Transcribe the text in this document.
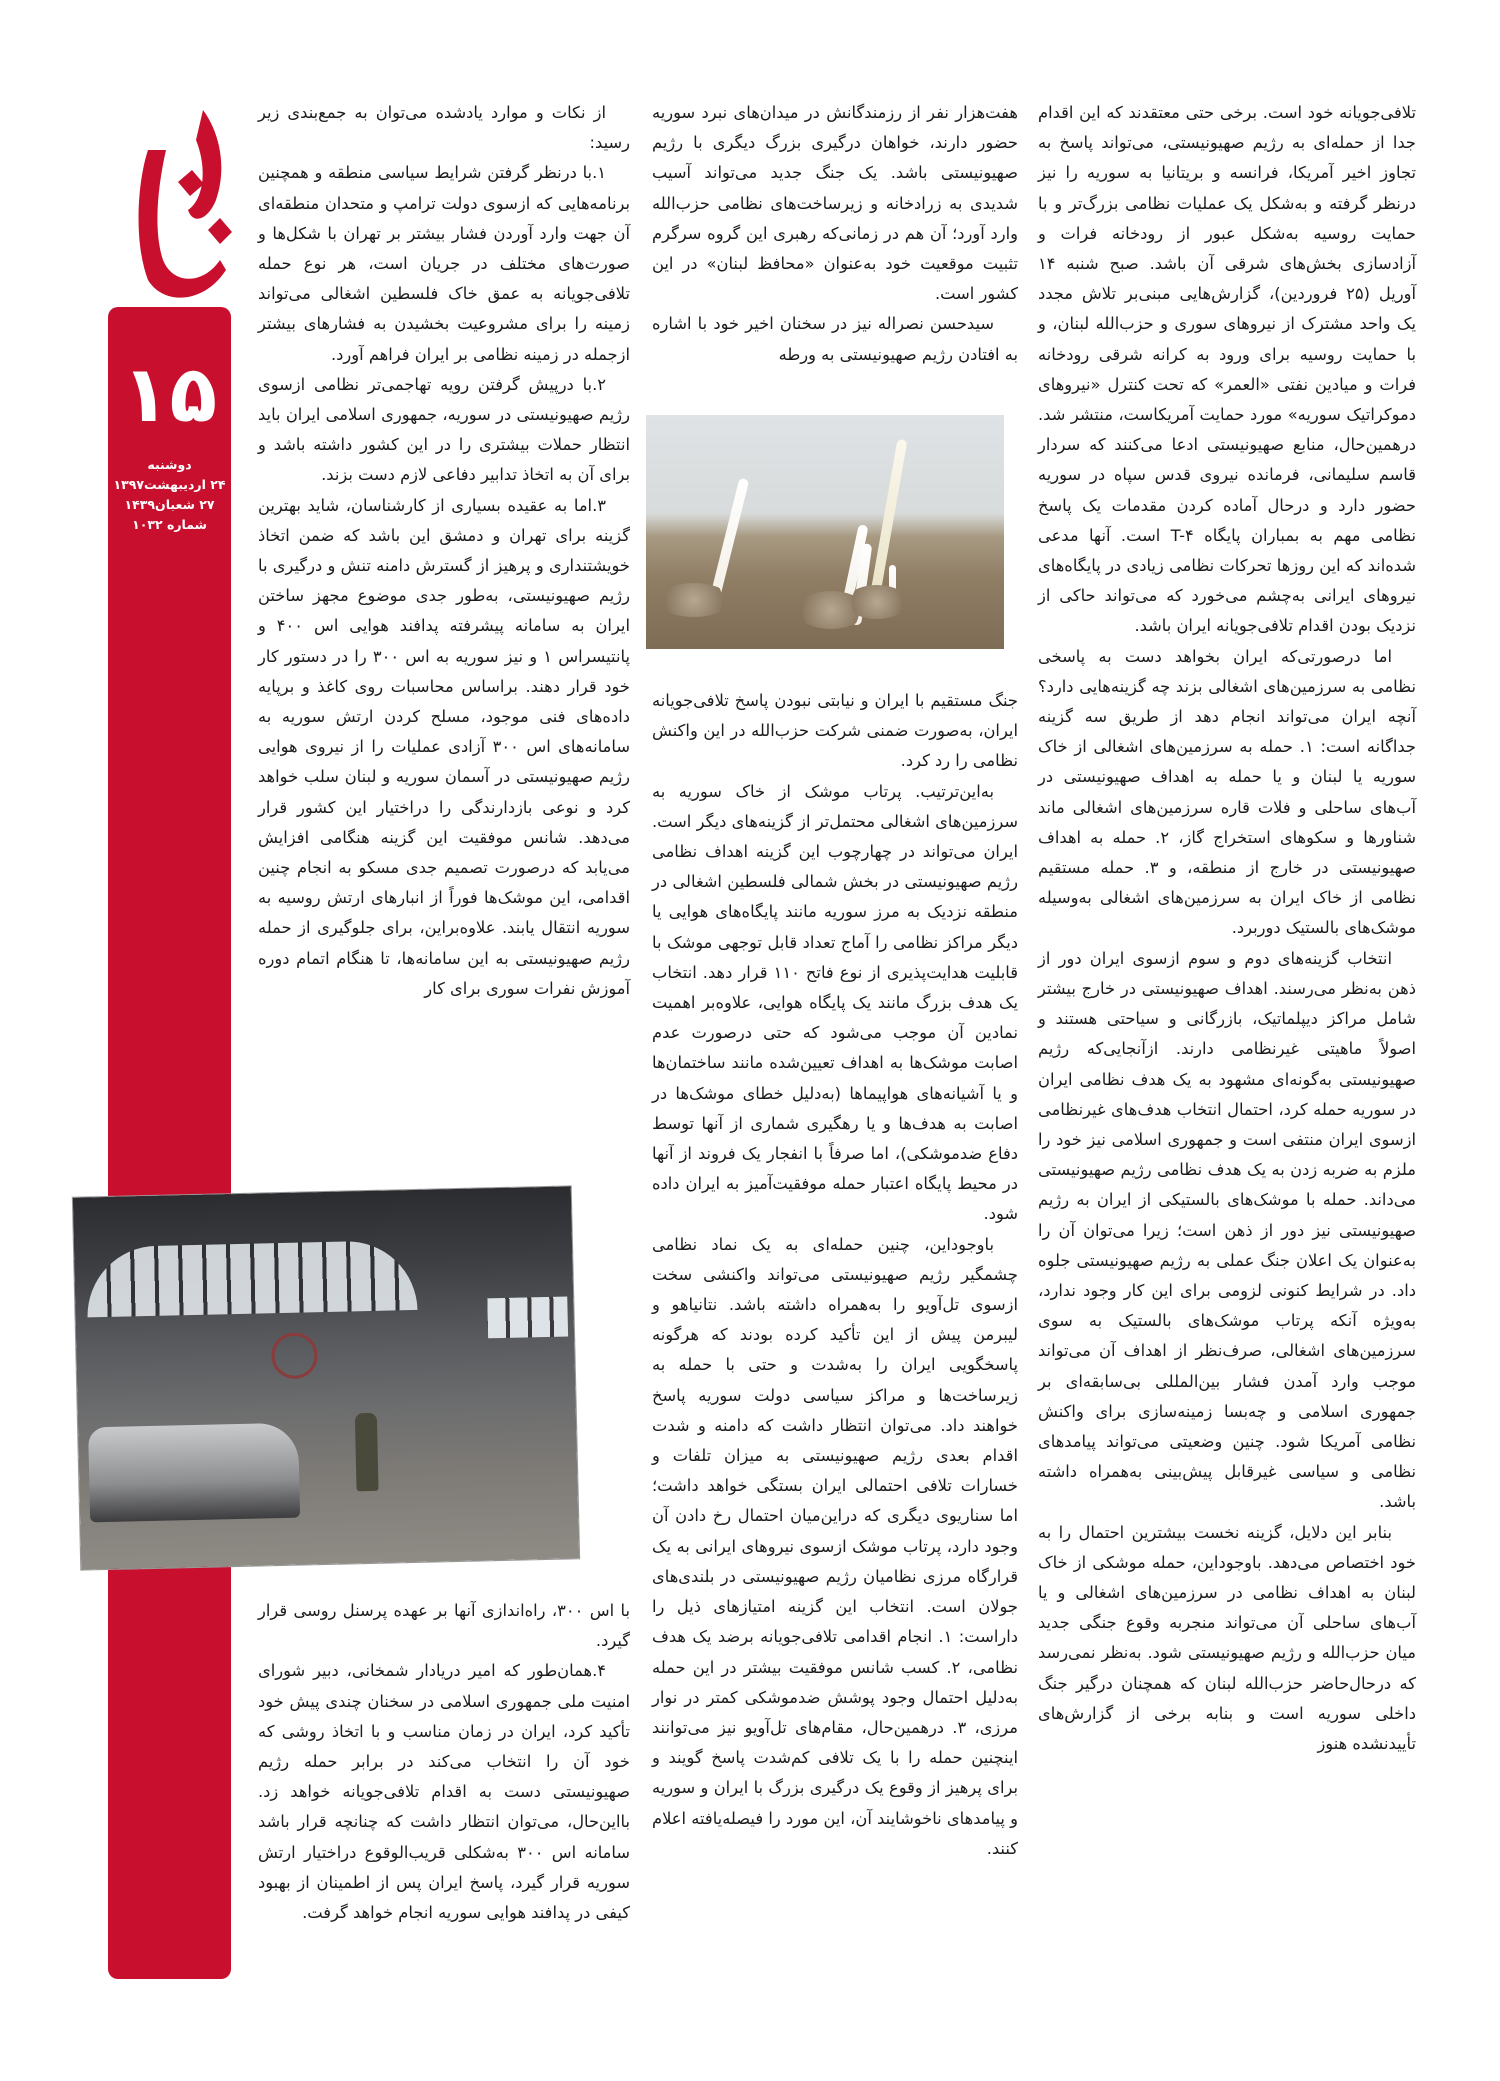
۱۵
دوشنبه
۲۴ اردیبهشت۱۳۹۷
۲۷ شعبان۱۴۳۹
شماره ۱۰۳۲

تلافی‌جویانه خود است. برخی حتی معتقدند که این اقدام جدا از حمله‌ای به رژیم صهیونیستی، می‌تواند پاسخ به تجاوز اخیر آمریکا، فرانسه و بریتانیا به سوریه را نیز درنظر گرفته و به‌شکل یک عملیات نظامی بزرگ‌تر و با حمایت روسیه به‌شکل عبور از رودخانه فرات و آزادسازی بخش‌های شرقی آن باشد. صبح شنبه ۱۴ آوریل (۲۵ فروردین)، گزارش‌هایی مبنی‌بر تلاش مجدد یک واحد مشترک از نیروهای سوری و حزب‌الله لبنان، و با حمایت روسیه برای ورود به کرانه شرقی رودخانه فرات و میادین نفتی «العمر» که تحت کنترل «نیروهای دموکراتیک سوریه» مورد حمایت آمریکاست، منتشر شد. درهمین‌حال، منابع صهیونیستی ادعا می‌کنند که سردار قاسم سلیمانی، فرمانده نیروی قدس سپاه در سوریه حضور دارد و درحال آماده کردن مقدمات یک پاسخ نظامی مهم به بمباران پایگاه T-۴ است. آنها مدعی شده‌اند که این روزها تحرکات نظامی زیادی در پایگاه‌های نیروهای ایرانی به‌چشم می‌خورد که می‌تواند حاکی از نزدیک بودن اقدام تلافی‌جویانه ایران باشد.

اما درصورتی‌که ایران بخواهد دست به پاسخی نظامی به سرزمین‌های اشغالی بزند چه گزینه‌هایی دارد؟ آنچه ایران می‌تواند انجام دهد از طریق سه گزینه جداگانه است: ۱. حمله به سرزمین‌های اشغالی از خاک سوریه یا لبنان و یا حمله به اهداف صهیونیستی در آب‌های ساحلی و فلات قاره سرزمین‌های اشغالی ماند شناورها و سکوهای استخراج گاز، ۲. حمله به اهداف صهیونیستی در خارج از منطقه، و ۳. حمله مستقیم نظامی از خاک ایران به سرزمین‌های اشغالی به‌وسیله موشک‌های بالستیک دوربرد.

انتخاب گزینه‌های دوم و سوم ازسوی ایران دور از ذهن به‌نظر می‌رسند. اهداف صهیونیستی در خارج بیشتر شامل مراکز دیپلماتیک، بازرگانی و سیاحتی هستند و اصولاً ماهیتی غیرنظامی دارند. ازآنجایی‌که رژیم صهیونیستی به‌گونه‌ای مشهود به یک هدف نظامی ایران در سوریه حمله کرد، احتمال انتخاب هدف‌های غیرنظامی ازسوی ایران منتفی است و جمهوری اسلامی نیز خود را ملزم به ضربه زدن به یک هدف نظامی رژیم صهیونیستی می‌داند. حمله با موشک‌های بالستیکی از ایران به رژیم صهیونیستی نیز دور از ذهن است؛ زیرا می‌توان آن را به‌عنوان یک اعلان جنگ عملی به رژیم صهیونیستی جلوه داد. در شرایط کنونی لزومی برای این کار وجود ندارد، به‌ویژه آنکه پرتاب موشک‌های بالستیک به سوی سرزمین‌های اشغالی، صرف‌نظر از اهداف آن می‌تواند موجب وارد آمدن فشار بین‌المللی بی‌سابقه‌ای بر جمهوری اسلامی و چه‌بسا زمینه‌سازی برای واکنش نظامی آمریکا شود. چنین وضعیتی می‌تواند پیامدهای نظامی و سیاسی غیرقابل پیش‌بینی به‌همراه داشته باشد.

بنابر این دلایل، گزینه نخست بیشترین احتمال را به خود اختصاص می‌دهد. باوجوداین، حمله موشکی از خاک لبنان به اهداف نظامی در سرزمین‌های اشغالی و یا آب‌های ساحلی آن می‌تواند منجربه وقوع جنگی جدید میان حزب‌الله و رژیم صهیونیستی شود. به‌نظر نمی‌رسد که درحال‌حاضر حزب‌الله لبنان که همچنان درگیر جنگ داخلی سوریه است و بنابه برخی از گزارش‌های تأییدنشده هنوز

هفت‌هزار نفر از رزمندگانش در میدان‌های نبرد سوریه حضور دارند، خواهان درگیری بزرگ دیگری با رژیم صهیونیستی باشد. یک جنگ جدید می‌تواند آسیب شدیدی به زرادخانه و زیرساخت‌های نظامی حزب‌الله وارد آورد؛ آن هم در زمانی‌که رهبری این گروه سرگرم تثبیت موقعیت خود به‌عنوان «محافظ لبنان» در این کشور است.

سیدحسن نصراله نیز در سخنان اخیر خود با اشاره به افتادن رژیم صهیونیستی به ورطه

جنگ مستقیم با ایران و نیابتی نبودن پاسخ تلافی‌جویانه ایران، به‌صورت ضمنی شرکت حزب‌الله در این واکنش نظامی را رد کرد.

به‌این‌ترتیب. پرتاب موشک از خاک سوریه به سرزمین‌های اشغالی محتمل‌تر از گزینه‌های دیگر است. ایران می‌تواند در چهارچوب این گزینه اهداف نظامی رژیم صهیونیستی در بخش شمالی فلسطین اشغالی در منطقه نزدیک به مرز سوریه مانند پایگاه‌های هوایی یا دیگر مراکز نظامی را آماج تعداد قابل توجهی موشک با قابلیت هدایت‌پذیری از نوع فاتح ۱۱۰ قرار دهد. انتخاب یک هدف بزرگ مانند یک پایگاه هوایی، علاوه‌بر اهمیت نمادین آن موجب می‌شود که حتی درصورت عدم اصابت موشک‌ها به اهداف تعیین‌شده مانند ساختمان‌ها و یا آشیانه‌های هواپیماها (به‌دلیل خطای موشک‌ها در اصابت به هدف‌ها و یا رهگیری شماری از آنها توسط دفاع ضدموشکی)، اما صرفاً با انفجار یک فروند از آنها در محیط پایگاه اعتبار حمله موفقیت‌آمیز به ایران داده شود.

باوجوداین، چنین حمله‌ای به یک نماد نظامی چشمگیر رژیم صهیونیستی می‌تواند واکنشی سخت ازسوی تل‌آویو را به‌همراه داشته باشد. نتانیاهو و لیبرمن پیش از این تأکید کرده بودند که هرگونه پاسخگویی ایران را به‌شدت و حتی با حمله به زیرساخت‌ها و مراکز سیاسی دولت سوریه پاسخ خواهند داد. می‌توان انتظار داشت که دامنه و شدت اقدام بعدی رژیم صهیونیستی به میزان تلفات و خسارات تلافی احتمالی ایران بستگی خواهد داشت؛ اما سناریوی دیگری که دراین‌میان احتمال رخ دادن آن وجود دارد، پرتاب موشک ازسوی نیروهای ایرانی به یک قرارگاه مرزی نظامیان رژیم صهیونیستی در بلندی‌های جولان است. انتخاب این گزینه امتیازهای ذیل را داراست: ۱. انجام اقدامی تلافی‌جویانه برضد یک هدف نظامی، ۲. کسب شانس موفقیت بیشتر در این حمله به‌دلیل احتمال وجود پوشش ضدموشکی کمتر در نوار مرزی، ۳. درهمین‌حال، مقام‌های تل‌آویو نیز می‌توانند اینچنین حمله را با یک تلافی کم‌شدت پاسخ گویند و برای پرهیز از وقوع یک درگیری بزرگ با ایران و سوریه و پیامدهای ناخوشایند آن، این مورد را فیصله‌یافته اعلام کنند.

از نکات و موارد یادشده می‌توان به جمع‌بندی زیر رسید:

۱.با درنظر گرفتن شرایط سیاسی منطقه و همچنین برنامه‌هایی که ازسوی دولت ترامپ و متحدان منطقه‌ای آن جهت وارد آوردن فشار بیشتر بر تهران با شکل‌ها و صورت‌های مختلف در جریان است، هر نوع حمله تلافی‌جویانه به عمق خاک فلسطین اشغالی می‌تواند زمینه را برای مشروعیت بخشیدن به فشارهای بیشتر ازجمله در زمینه نظامی بر ایران فراهم آورد.

۲.با درپیش گرفتن رویه تهاجمی‌تر نظامی ازسوی رژیم صهیونیستی در سوریه، جمهوری اسلامی ایران باید انتظار حملات بیشتری را در این کشور داشته باشد و برای آن به اتخاذ تدابیر دفاعی لازم دست بزند.

۳.اما به عقیده بسیاری از کارشناسان، شاید بهترین گزینه برای تهران و دمشق این باشد که ضمن اتخاذ خویشتنداری و پرهیز از گسترش دامنه تنش و درگیری با رژیم صهیونیستی، به‌طور جدی موضوع مجهز ساختن ایران به سامانه پیشرفته پدافند هوایی اس ۴۰۰ و پانتیسراس ۱ و نیز سوریه به اس ۳۰۰ را در دستور کار خود قرار دهند. براساس محاسبات روی کاغذ و برپایه داده‌های فنی موجود، مسلح کردن ارتش سوریه به سامانه‌های اس ۳۰۰ آزادی عملیات را از نیروی هوایی رژیم صهیونیستی در آسمان سوریه و لبنان سلب خواهد کرد و نوعی بازدارندگی را دراختیار این کشور قرار می‌دهد. شانس موفقیت این گزینه هنگامی افزایش می‌یابد که درصورت تصمیم جدی مسکو به انجام چنین اقدامی، این موشک‌ها فوراً از انبارهای ارتش روسیه به سوریه انتقال یابند. علاوه‌براین، برای جلوگیری از حمله رژیم صهیونیستی به این سامانه‌ها، تا هنگام اتمام دوره آموزش نفرات سوری برای کار

با اس ۳۰۰، راه‌اندازی آنها بر عهده پرسنل روسی قرار گیرد.

۴.همان‌طور که امیر دریادار شمخانی، دبیر شورای امنیت ملی جمهوری اسلامی در سخنان چندی پیش خود تأکید کرد، ایران در زمان مناسب و با اتخاذ روشی که خود آن را انتخاب می‌کند در برابر حمله رژیم صهیونیستی دست به اقدام تلافی‌جویانه خواهد زد. بااین‌حال، می‌توان انتظار داشت که چنانچه قرار باشد سامانه اس ۳۰۰ به‌شکلی قریب‌الوقوع دراختیار ارتش سوریه قرار گیرد، پاسخ ایران پس از اطمینان از بهبود کیفی در پدافند هوایی سوریه انجام خواهد گرفت.
